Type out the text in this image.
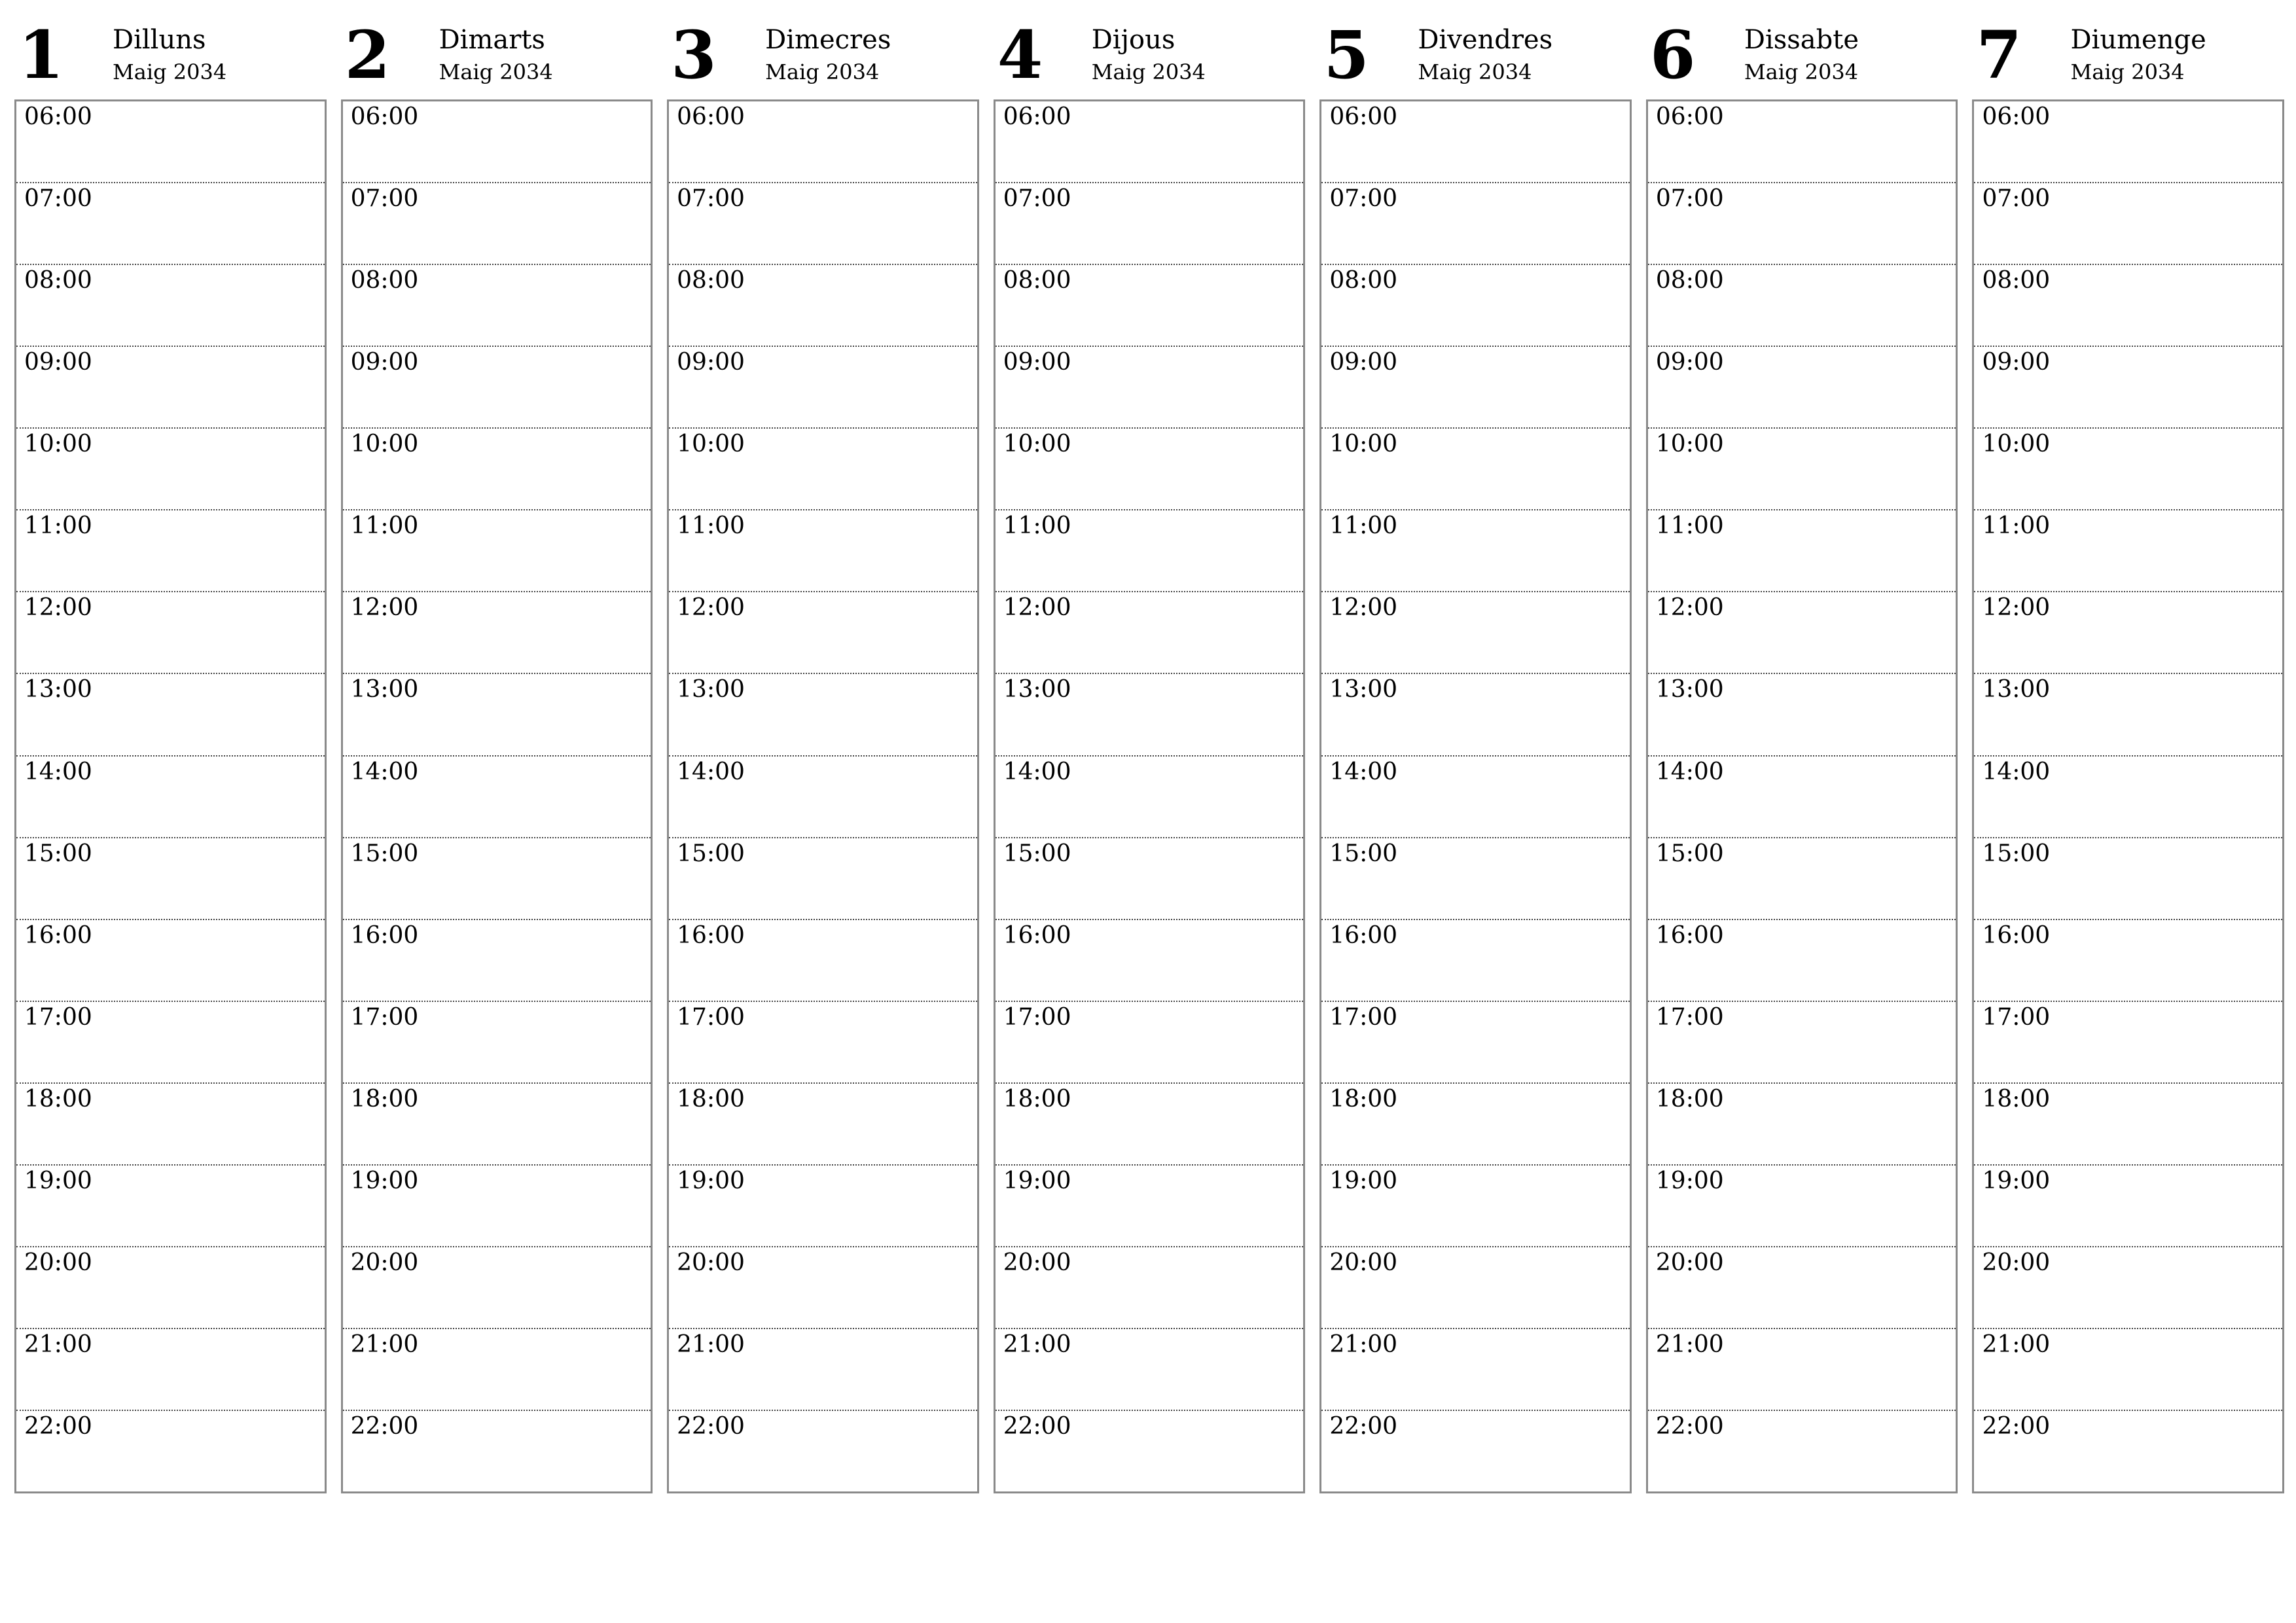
1	Dilluns
Maig 2034
06:00
07:00
08:00
09:00
10:00
11:00
12:00
13:00
14:00
15:00
16:00
17:00
18:00
19:00
20:00
21:00
22:00
2	Dimarts
Maig 2034
06:00
07:00
08:00
09:00
10:00
11:00
12:00
13:00
14:00
15:00
16:00
17:00
18:00
19:00
20:00
21:00
22:00
3	Dimecres
Maig 2034
06:00
07:00
08:00
09:00
10:00
11:00
12:00
13:00
14:00
15:00
16:00
17:00
18:00
19:00
20:00
21:00
22:00
4	Dijous
Maig 2034
06:00
07:00
08:00
09:00
10:00
11:00
12:00
13:00
14:00
15:00
16:00
17:00
18:00
19:00
20:00
21:00
22:00
5	Divendres
Maig 2034
06:00
07:00
08:00
09:00
10:00
11:00
12:00
13:00
14:00
15:00
16:00
17:00
18:00
19:00
20:00
21:00
22:00
6	Dissabte
Maig 2034
06:00
07:00
08:00
09:00
10:00
11:00
12:00
13:00
14:00
15:00
16:00
17:00
18:00
19:00
20:00
21:00
22:00
7	Diumenge
Maig 2034
06:00
07:00
08:00
09:00
10:00
11:00
12:00
13:00
14:00
15:00
16:00
17:00
18:00
19:00
20:00
21:00
22:00
